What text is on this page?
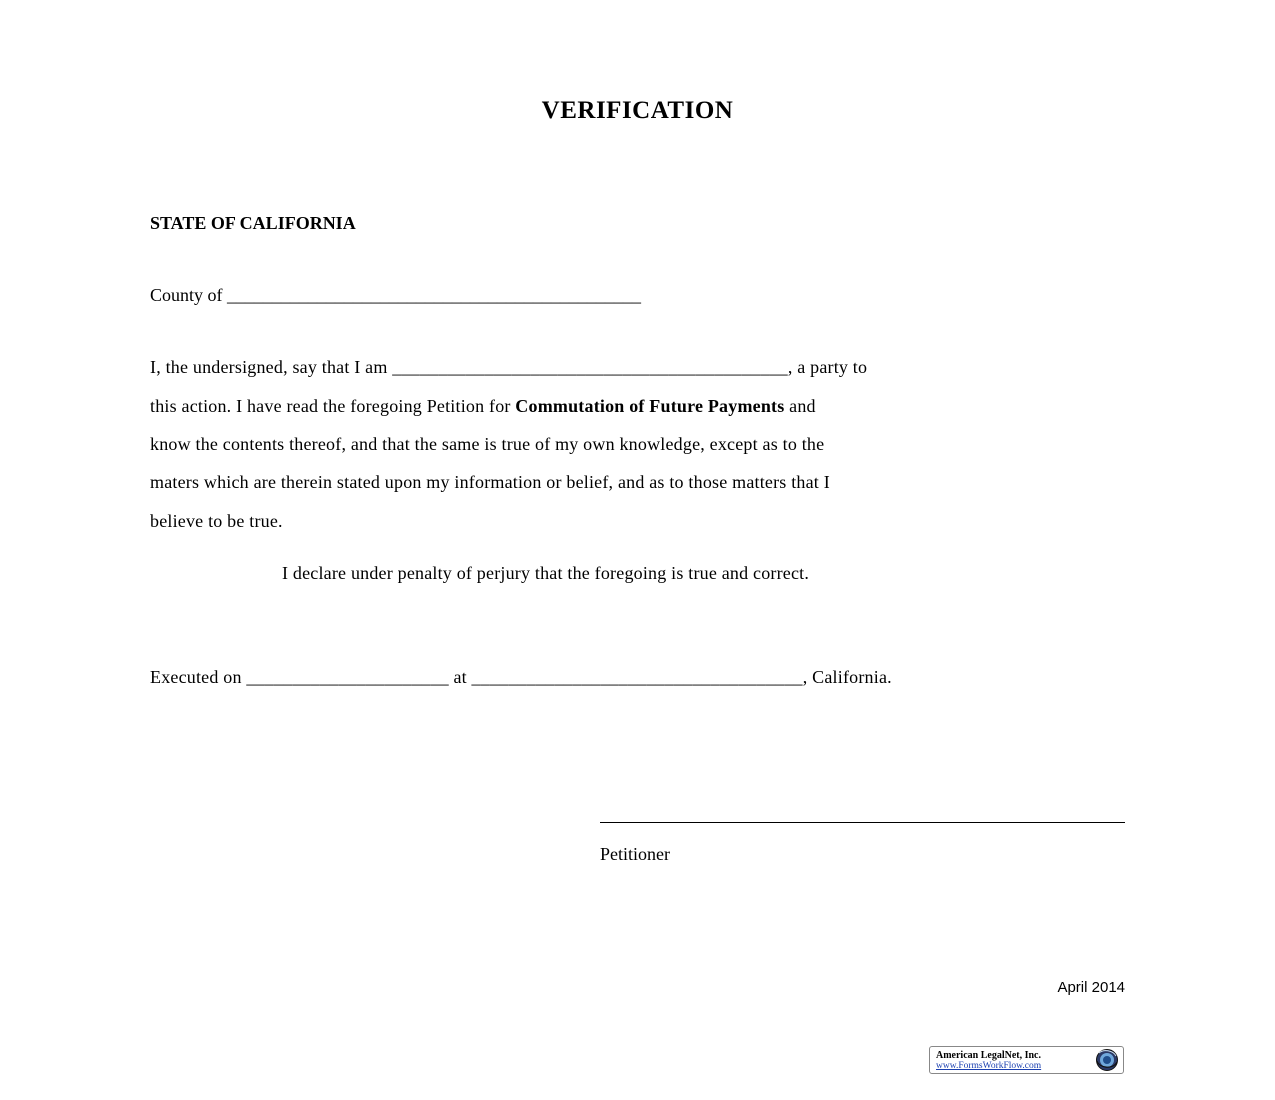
VERIFICATION
STATE OF CALIFORNIA
County of ______________________________________________
I, the undersigned, say that I am ___________________________________________, a party to
this action. I have read the foregoing Petition for Commutation of Future Payments and
know the contents thereof, and that the same is true of my own knowledge, except as to the
maters which are therein stated upon my information or belief, and as to those matters that I
believe to be true.
I declare under penalty of perjury that the foregoing is true and correct.
Executed on ______________________ at ____________________________________, California.
Petitioner
April 2014
American LegalNet, Inc.
www.FormsWorkFlow.com
